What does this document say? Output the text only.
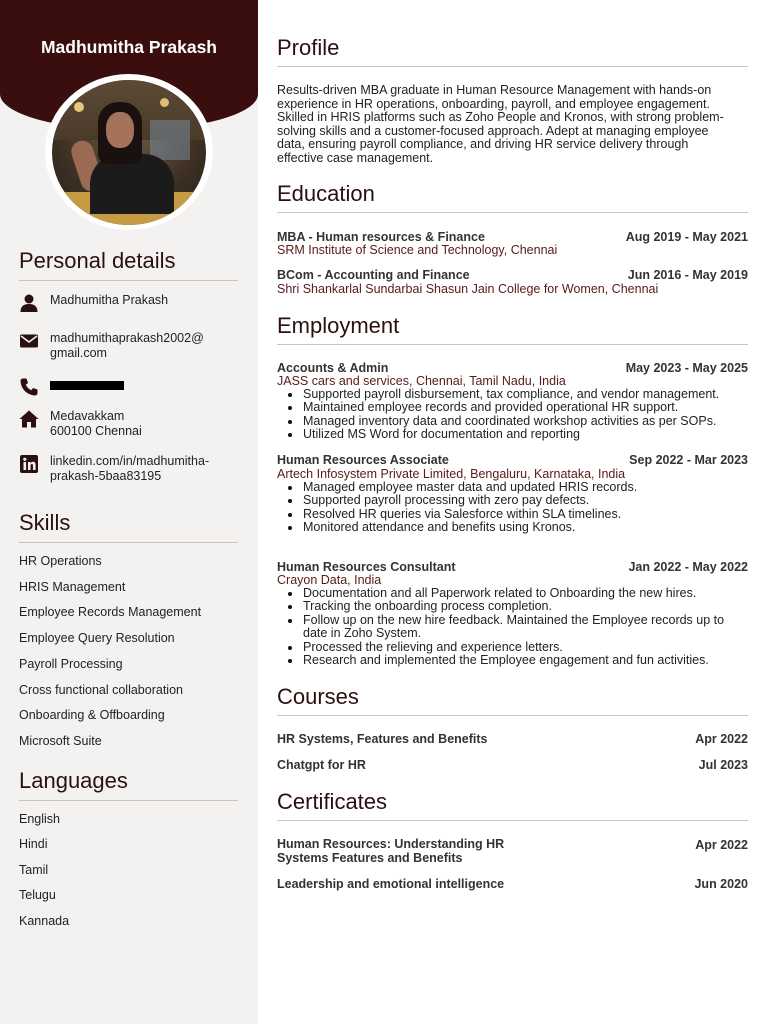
Madhumitha Prakash
Personal details
Madhumitha Prakash
madhumithaprakash2002@
gmail.com
Medavakkam
600100 Chennai
linkedin.com/in/madhumitha-
prakash-5baa83195
Skills
HR Operations
HRIS Management
Employee Records Management
Employee Query Resolution
Payroll Processing
Cross functional collaboration
Onboarding & Offboarding
Microsoft Suite
Languages
English
Hindi
Tamil
Telugu
Kannada
Profile
Results-driven MBA graduate in Human Resource Management with hands-on
experience in HR operations, onboarding, payroll, and employee engagement.
Skilled in HRIS platforms such as Zoho People and Kronos, with strong problem-
solving skills and a customer-focused approach. Adept at managing employee
data, ensuring payroll compliance, and driving HR service delivery through
effective case management.
Education
MBA - Human resources & Finance	Aug 2019 - May 2021
SRM Institute of Science and Technology, Chennai
BCom - Accounting and Finance	Jun 2016 - May 2019
Shri Shankarlal Sundarbai Shasun Jain College for Women, Chennai
Employment
Accounts & Admin	May 2023 - May 2025
JASS cars and services, Chennai, Tamil Nadu, India
Supported payroll disbursement, tax compliance, and vendor management.
Maintained employee records and provided operational HR support.
Managed inventory data and coordinated workshop activities as per SOPs.
Utilized MS Word for documentation and reporting
Human Resources Associate	Sep 2022 - Mar 2023
Artech Infosystem Private Limited, Bengaluru, Karnataka, India
Managed employee master data and updated HRIS records.
Supported payroll processing with zero pay defects.
Resolved HR queries via Salesforce within SLA timelines.
Monitored attendance and benefits using Kronos.
Human Resources Consultant	Jan 2022 - May 2022
Crayon Data, India
Documentation and all Paperwork related to Onboarding the new hires.
Tracking the onboarding process completion.
Follow up on the new hire feedback. Maintained the Employee records up to date in Zoho System.
Processed the relieving and experience letters.
Research and implemented the Employee engagement and fun activities.
Courses
HR Systems, Features and Benefits	Apr 2022
Chatgpt for HR	Jul 2023
Certificates
Human Resources: Understanding HR
Systems Features and Benefits
Apr 2022
Leadership and emotional intelligence	Jun 2020
